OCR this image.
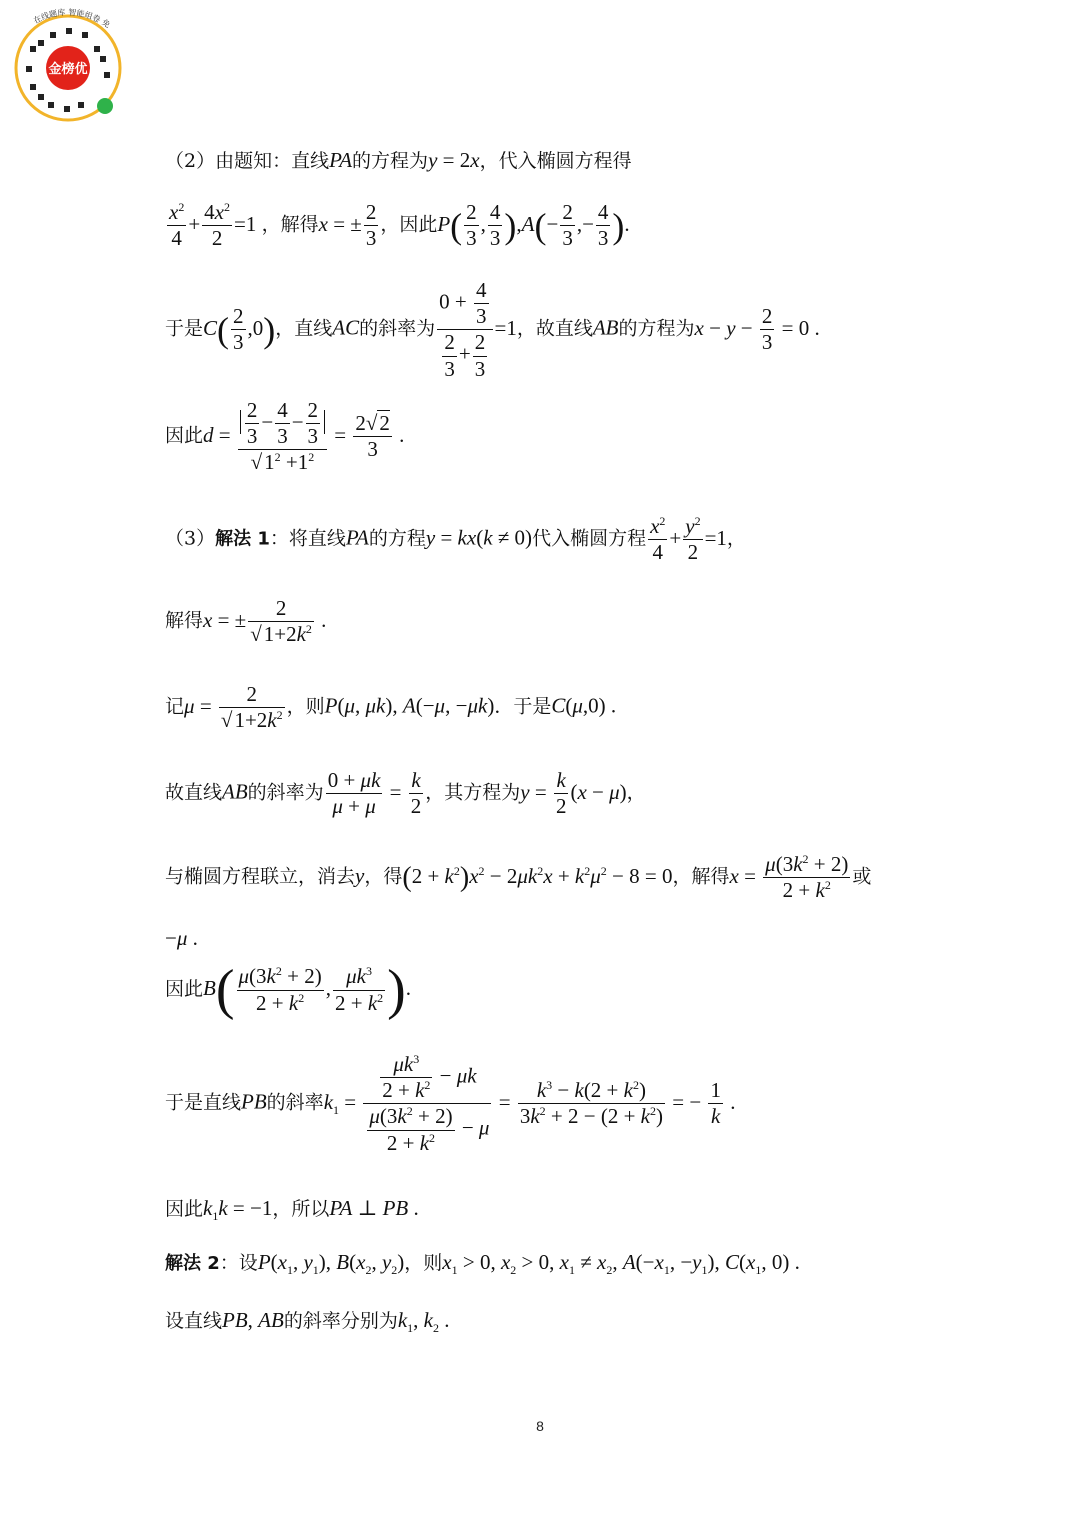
金榜优
在线题库 智能组卷 免
（2）由题知：直线PA的方程为y = 2x，代入椭圆方程得
$\frac{x^2}{4} + \frac{4x^2}{2} =1$ ，解得x = ± $\frac{2}{3}$ ，因此$P( \frac{2}{3}$ , $\frac{4}{3} ),A(- \frac{2}{3}$ ,− $\frac{4}{3}$ ).
于是$C( \frac{2}{3} ,0)$，直线AC的斜率为 $\frac{0 + \frac{4}{3}}{\frac{2}{3} + \frac{2}{3}} =1$，故直线AB的方程为$x - y - \frac{2}{3} = 0$ .
因此$d = \frac{\frac{2}{3} - \frac{4}{3} - \frac{2}{3}}{√1^2 +1^2} = \frac{2√2}{3}$ .
（3）解法 1：将直线PA的方程y = kx(k ≠ 0)代入椭圆方程 $\frac{x^2}{4} + \frac{y^2}{2} =1$，
解得x = ± $\frac{2}{√1+2k^2}$ .
记$\mu = \frac{2}{√1+2k^2}$ ，则P(μ, μk), A(−μ, −μk)．于是C(μ,0) .
故直线AB的斜率为 $\frac{0 + \mu k}{\mu + \mu} = \frac{k}{2}$ ，其方程为$y = \frac{k}{2} (x - \mu)$，
与椭圆方程联立，消去y，得$(2 + k^2)x^2 - 2\mu k^2x + k^2\mu^2 - 8 = 0$，解得$x = \frac{\mu(3k^2 + 2)}{2 + k^2}$ 或
−μ .
因此$B( \frac{\mu(3k^2 + 2)}{2 + k^2}$ , $\frac{\mu k^3}{2 + k^2}$ ).
于是直线PB的斜率$k_1 = \frac{\frac{\mu k^3}{2 + k^2} - \mu k}{\frac{\mu(3k^2 + 2)}{2 + k^2} - \mu} = \frac{k^3 - k(2 + k^2)}{3k^2 + 2 - (2 + k^2)}$ = − $\frac{1}{k}$ .
因此$k_1k = -1$，所以PA ⊥ PB .
解法 2：设$P(x_1$, $y_1$), $B(x_2$, $y_2$)，则$x_1 > 0$, $x_2 > 0$, $x_1 \ne x_2$, $A(-x_1$, $-y_1$), $C(x_1$, 0) .
设直线PB, AB的斜率分别为$k_1$, $k_2$ .
8
